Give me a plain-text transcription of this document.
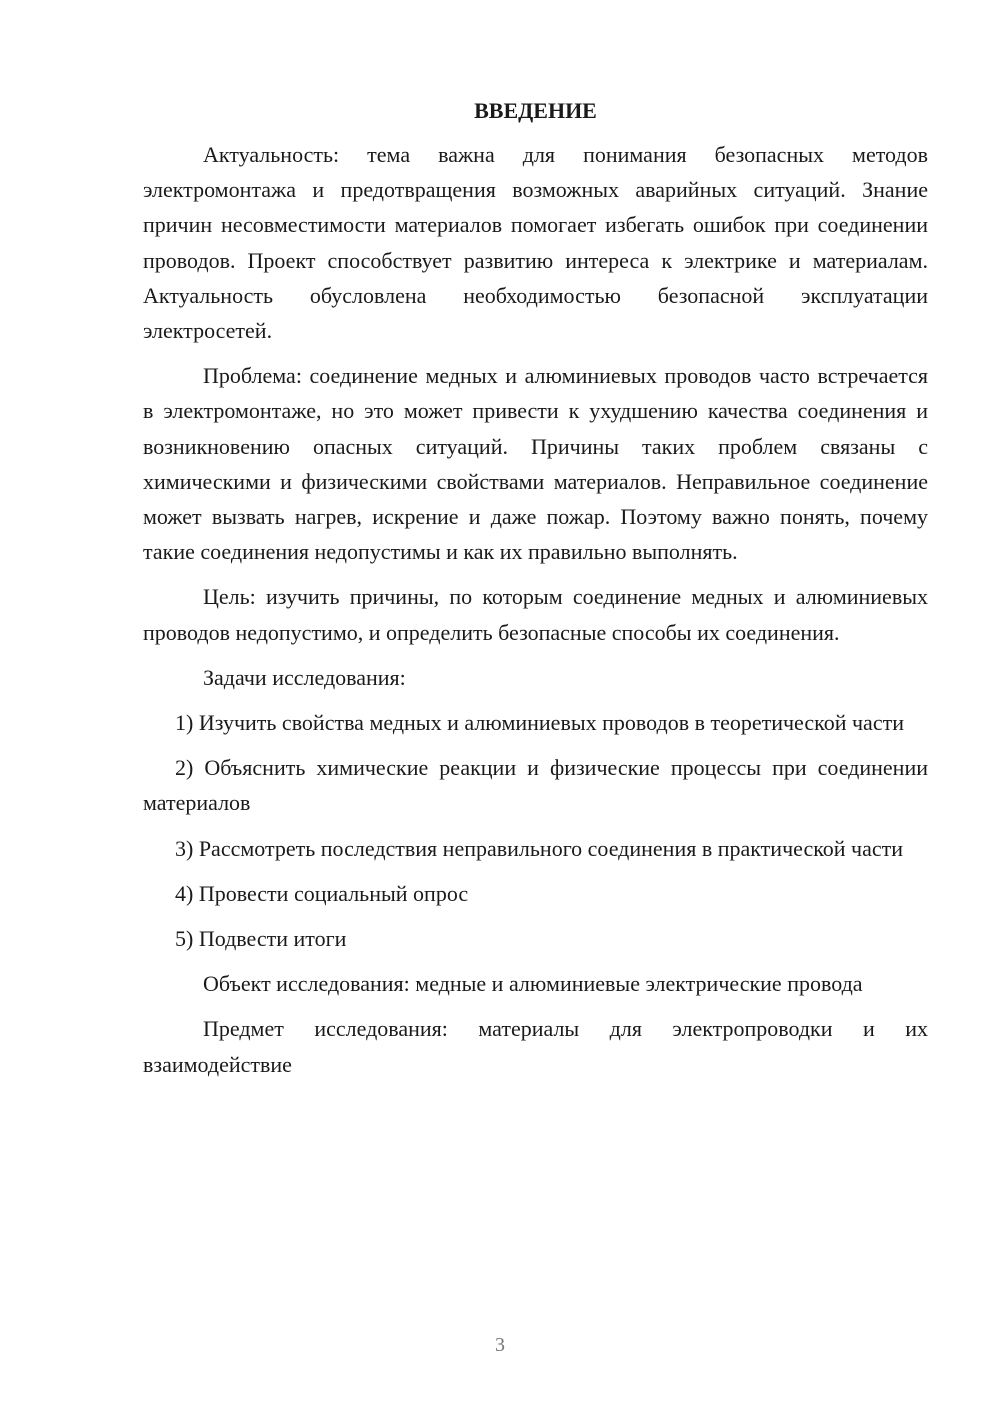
ВВЕДЕНИЕ

Актуальность: тема важна для понимания безопасных методов электромонтажа и предотвращения возможных аварийных ситуаций. Знание причин несовместимости материалов помогает избегать ошибок при соединении проводов. Проект способствует развитию интереса к электрике и материалам. Актуальность обусловлена необходимостью безопасной эксплуатации электросетей.

Проблема: соединение медных и алюминиевых проводов часто встречается в электромонтаже, но это может привести к ухудшению качества соединения и возникновению опасных ситуаций. Причины таких проблем связаны с химическими и физическими свойствами материалов. Неправильное соединение может вызвать нагрев, искрение и даже пожар. Поэтому важно понять, почему такие соединения недопустимы и как их правильно выполнять.

Цель: изучить причины, по которым соединение медных и алюминиевых проводов недопустимо, и определить безопасные способы их соединения.

Задачи исследования:

1) Изучить свойства медных и алюминиевых проводов в теоретической части

2) Объяснить химические реакции и физические процессы при соединении материалов

3) Рассмотреть последствия неправильного соединения в практической части

4) Провести социальный опрос

5) Подвести итоги

Объект исследования: медные и алюминиевые электрические провода

Предмет исследования: материалы для электропроводки и их взаимодействие

3
